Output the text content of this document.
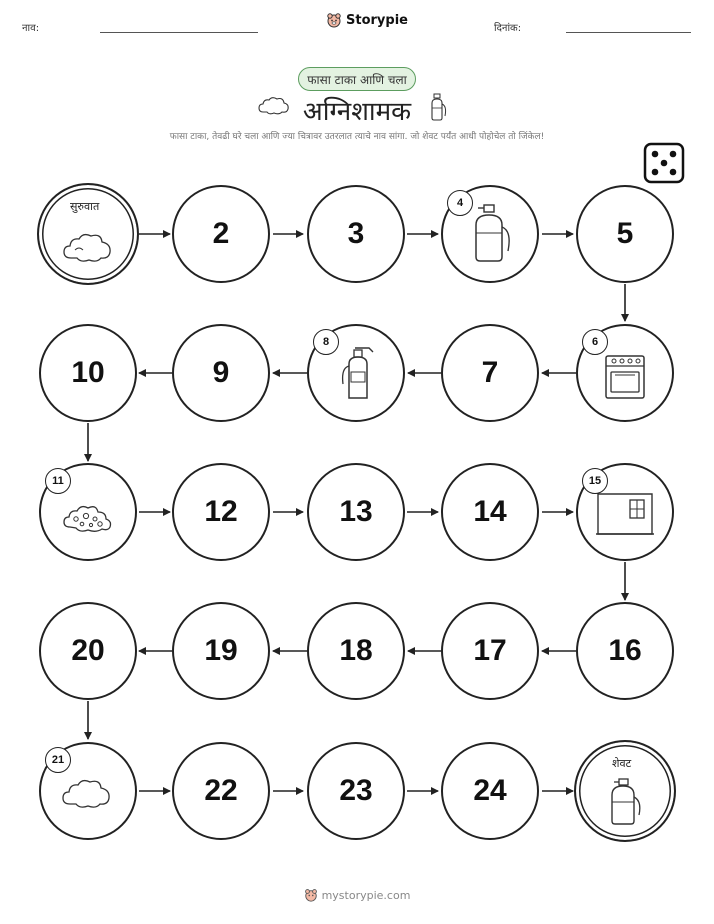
नाव:
Storypie
दिनांक:
फासा टाका आणि चला
अग्निशामक
फासा टाका, तेवढी घरे चला आणि ज्या चित्रावर उतरलात त्याचे नाव सांगा. जो शेवट पर्यंत आधी पोहोचेल तो जिंकेल!
सुरुवात
2	3
4
5
6
7
8
9
10
11
12	13	14
15
16
17
18
19
20
21
22	23	24
शेवट
mystorypie.com
